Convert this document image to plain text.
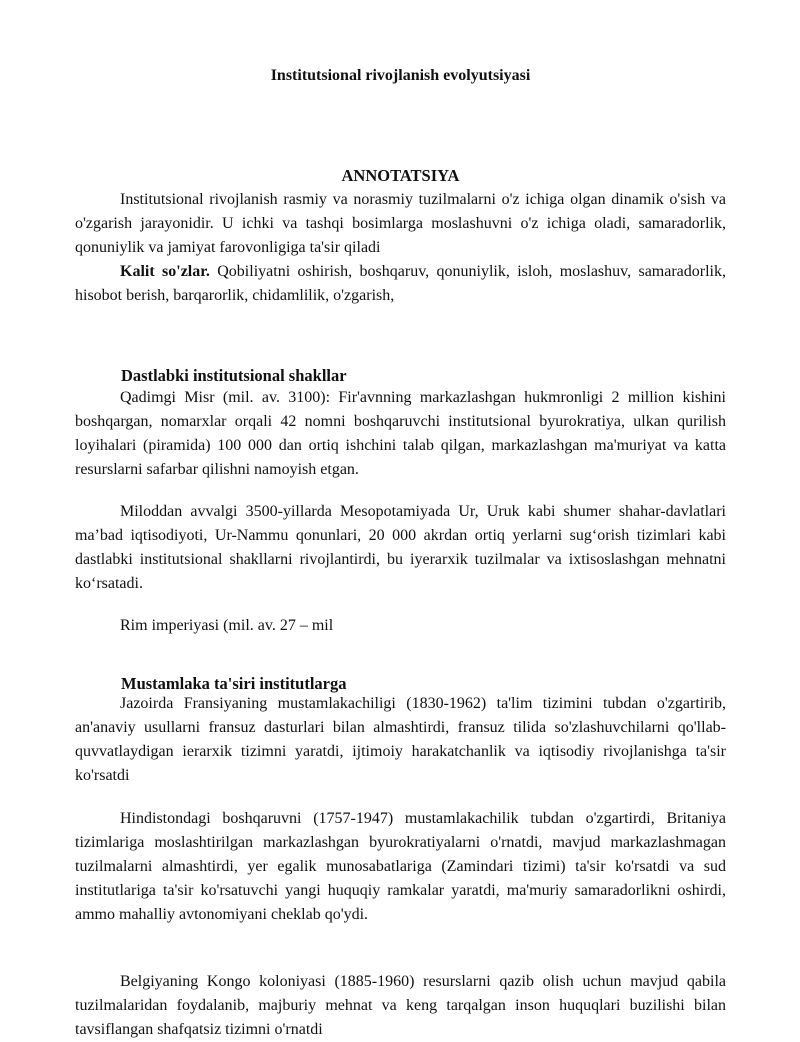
Institutsional rivojlanish evolyutsiyasi
ANNOTATSIYA

Institutsional rivojlanish rasmiy va norasmiy tuzilmalarni o'z ichiga olgan dinamik o'sish va o'zgarish jarayonidir. U ichki va tashqi bosimlarga moslashuvni o'z ichiga oladi, samaradorlik, qonuniylik va jamiyat farovonligiga ta'sir qiladi

Kalit so'zlar. Qobiliyatni oshirish, boshqaruv, qonuniylik, isloh, moslashuv, samaradorlik, hisobot berish, barqarorlik, chidamlilik, o'zgarish,

Dastlabki institutsional shakllar

Qadimgi Misr (mil. av. 3100): Fir'avnning markazlashgan hukmronligi 2 million kishini boshqargan, nomarxlar orqali 42 nomni boshqaruvchi institutsional byurokratiya, ulkan qurilish loyihalari (piramida) 100 000 dan ortiq ishchini talab qilgan, markazlashgan ma'muriyat va katta resurslarni safarbar qilishni namoyish etgan.

Miloddan avvalgi 3500-yillarda Mesopotamiyada Ur, Uruk kabi shumer shahar-davlatlari ma’bad iqtisodiyoti, Ur-Nammu qonunlari, 20 000 akrdan ortiq yerlarni sug‘orish tizimlari kabi dastlabki institutsional shakllarni rivojlantirdi, bu iyerarxik tuzilmalar va ixtisoslashgan mehnatni ko‘rsatadi.

Rim imperiyasi (mil. av. 27 – mil

Mustamlaka ta'siri institutlarga

Jazoirda Fransiyaning mustamlakachiligi (1830-1962) ta'lim tizimini tubdan o'zgartirib, an'anaviy usullarni fransuz dasturlari bilan almashtirdi, fransuz tilida so'zlashuvchilarni qo'llab-quvvatlaydigan ierarxik tizimni yaratdi, ijtimoiy harakatchanlik va iqtisodiy rivojlanishga ta'sir ko'rsatdi

Hindistondagi boshqaruvni (1757-1947) mustamlakachilik tubdan o'zgartirdi, Britaniya tizimlariga moslashtirilgan markazlashgan byurokratiyalarni o'rnatdi, mavjud markazlashmagan tuzilmalarni almashtirdi, yer egalik munosabatlariga (Zamindari tizimi) ta'sir ko'rsatdi va sud institutlariga ta'sir ko'rsatuvchi yangi huquqiy ramkalar yaratdi, ma'muriy samaradorlikni oshirdi, ammo mahalliy avtonomiyani cheklab qo'ydi.

Belgiyaning Kongo koloniyasi (1885-1960) resurslarni qazib olish uchun mavjud qabila tuzilmalaridan foydalanib, majburiy mehnat va keng tarqalgan inson huquqlari buzilishi bilan tavsiflangan shafqatsiz tizimni o'rnatdi
